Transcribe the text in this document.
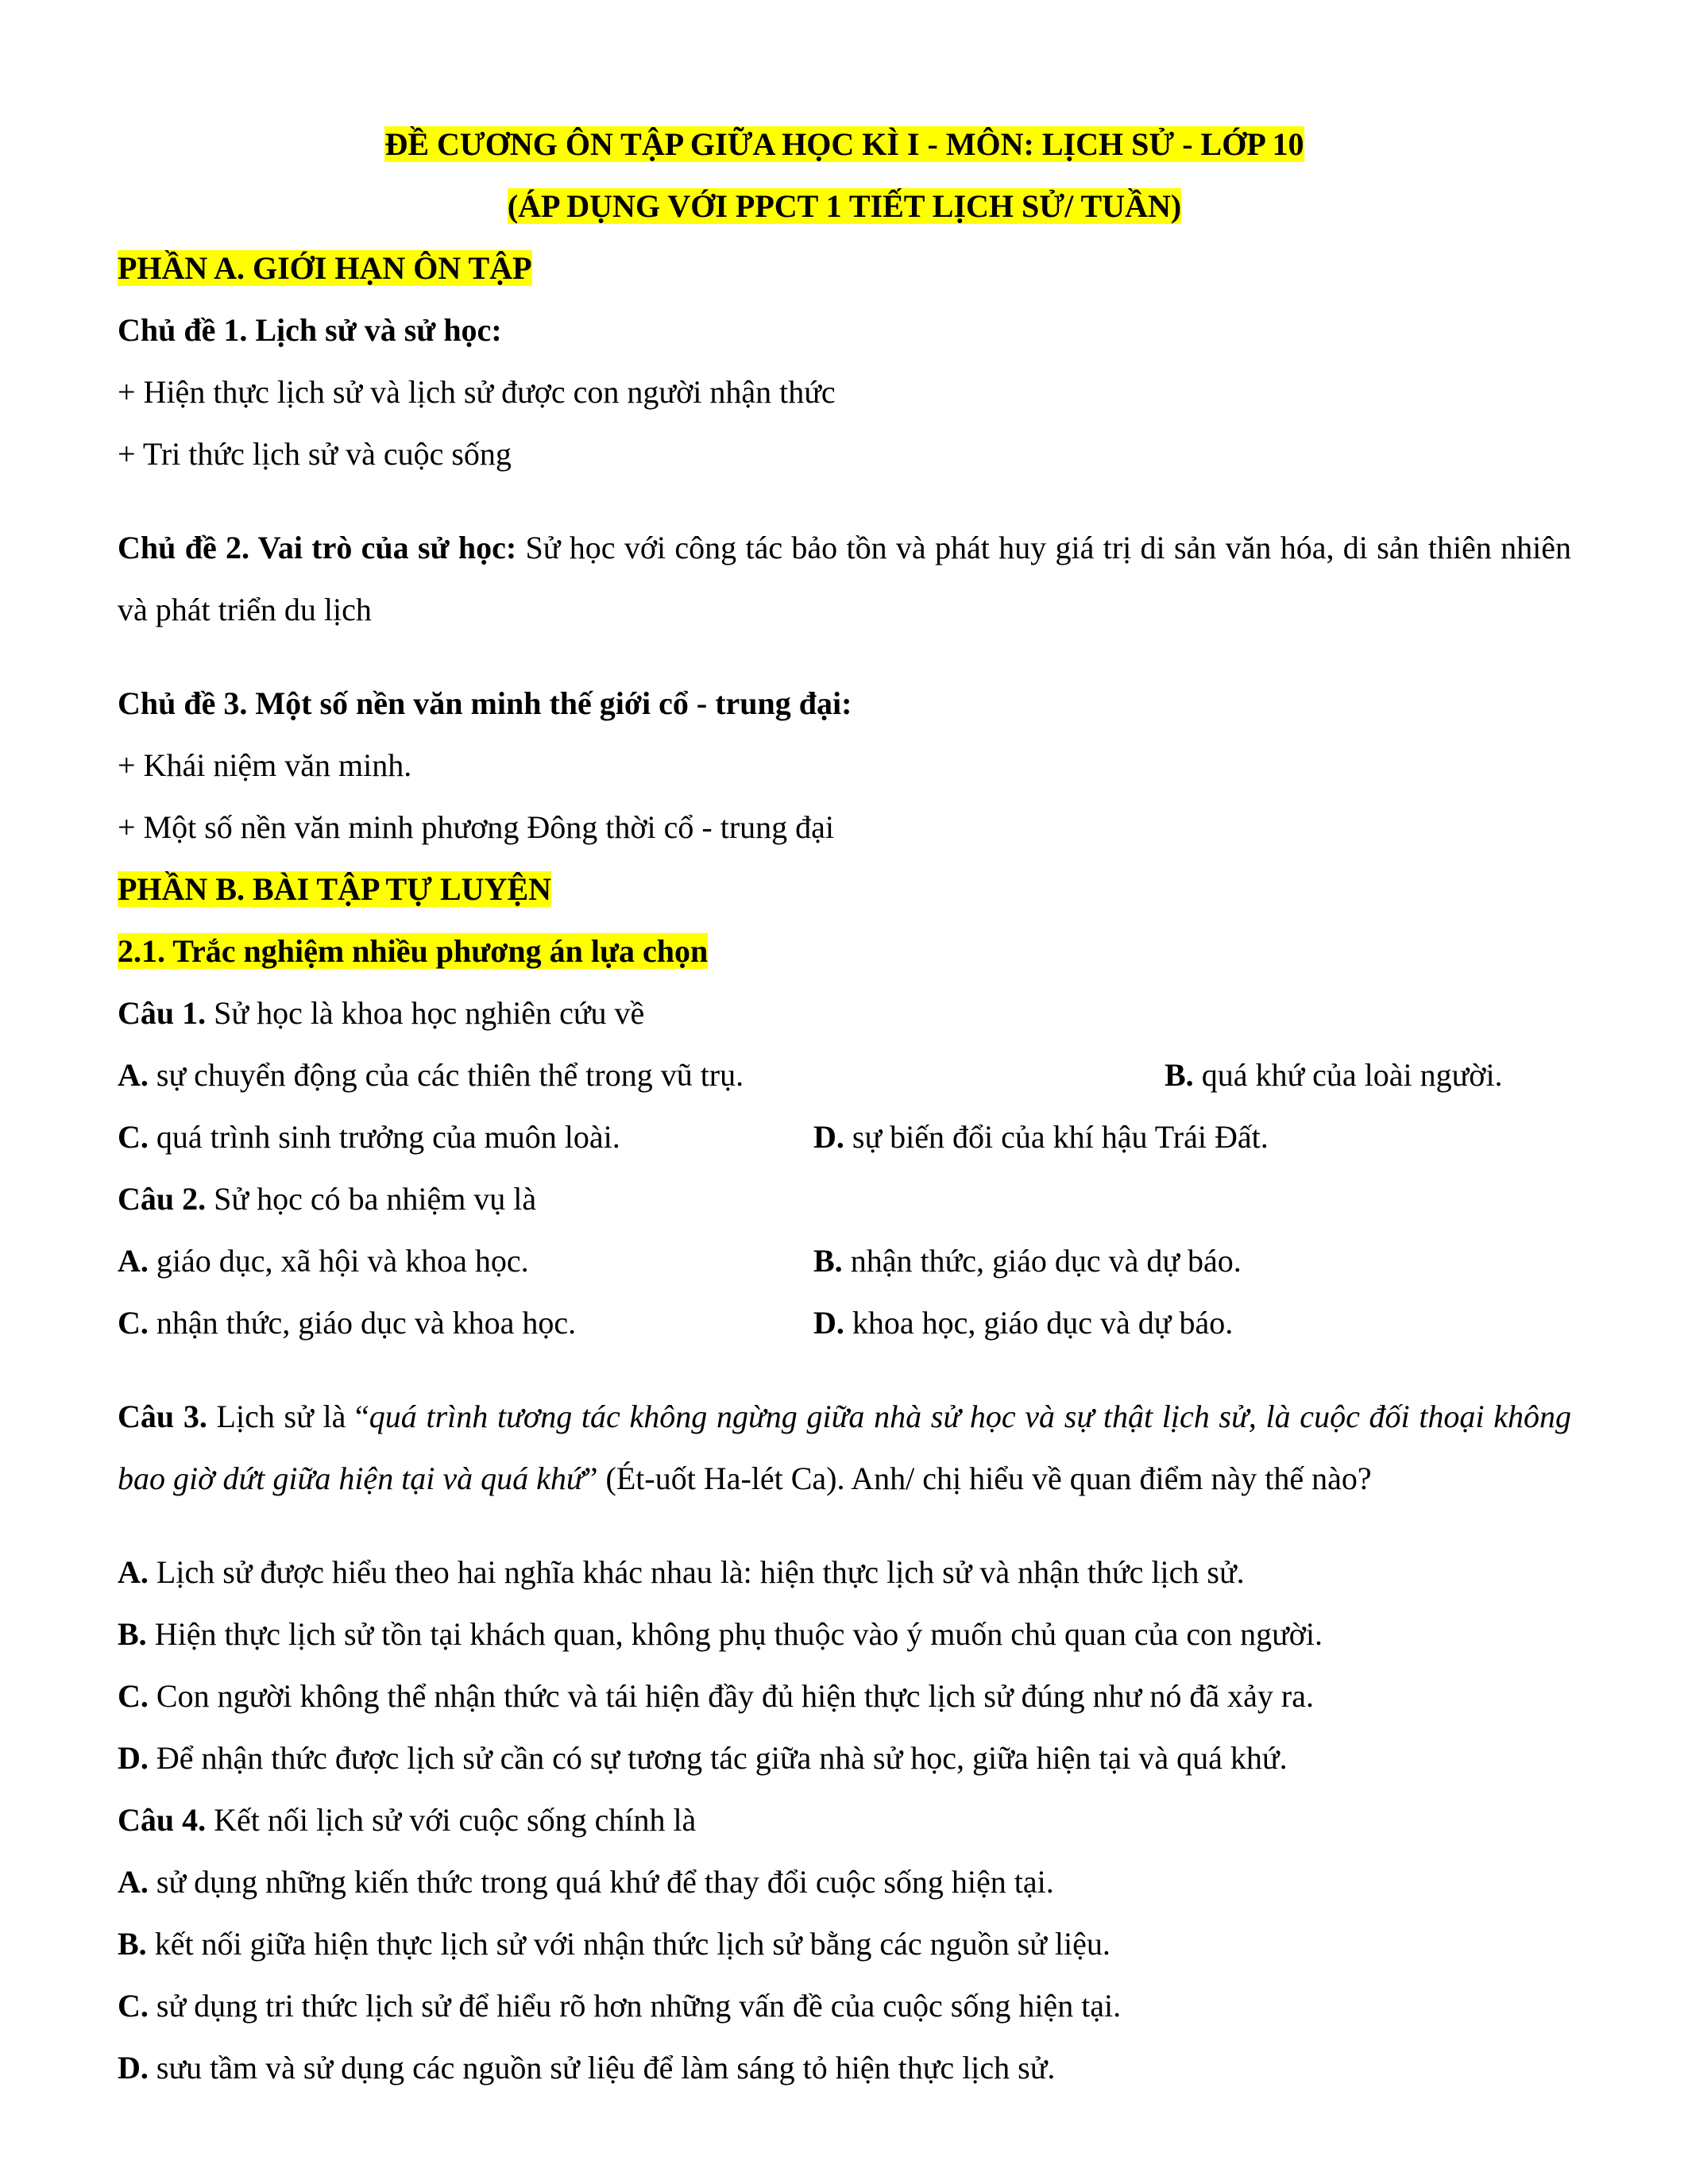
ĐỀ CƯƠNG ÔN TẬP GIỮA HỌC KÌ I - MÔN: LỊCH SỬ - LỚP 10

(ÁP DỤNG VỚI PPCT 1 TIẾT LỊCH SỬ/ TUẦN)

PHẦN A. GIỚI HẠN ÔN TẬP

Chủ đề 1. Lịch sử và sử học:

+ Hiện thực lịch sử và lịch sử được con người nhận thức

+ Tri thức lịch sử và cuộc sống

Chủ đề 2. Vai trò của sử học: Sử học với công tác bảo tồn và phát huy giá trị di sản văn hóa, di sản thiên nhiên và phát triển du lịch

Chủ đề 3. Một số nền văn minh thế giới cổ - trung đại:

+ Khái niệm văn minh.

+ Một số nền văn minh phương Đông thời cổ - trung đại

PHẦN B. BÀI TẬP TỰ LUYỆN

2.1. Trắc nghiệm nhiều phương án lựa chọn

Câu 1. Sử học là khoa học nghiên cứu về

A. sự chuyển động của các thiên thể trong vũ trụ.	B. quá khứ của loài người.
C. quá trình sinh trưởng của muôn loài.	D. sự biến đổi của khí hậu Trái Đất.

Câu 2. Sử học có ba nhiệm vụ là

A. giáo dục, xã hội và khoa học.	B. nhận thức, giáo dục và dự báo.
C. nhận thức, giáo dục và khoa học.	D. khoa học, giáo dục và dự báo.

Câu 3. Lịch sử là “quá trình tương tác không ngừng giữa nhà sử học và sự thật lịch sử, là cuộc đối thoại không bao giờ dứt giữa hiện tại và quá khứ” (Ét-uốt Ha-lét Ca). Anh/ chị hiểu về quan điểm này thế nào?

A. Lịch sử được hiểu theo hai nghĩa khác nhau là: hiện thực lịch sử và nhận thức lịch sử.

B. Hiện thực lịch sử tồn tại khách quan, không phụ thuộc vào ý muốn chủ quan của con người.

C. Con người không thể nhận thức và tái hiện đầy đủ hiện thực lịch sử đúng như nó đã xảy ra.

D. Để nhận thức được lịch sử cần có sự tương tác giữa nhà sử học, giữa hiện tại và quá khứ.

Câu 4. Kết nối lịch sử với cuộc sống chính là

A. sử dụng những kiến thức trong quá khứ để thay đổi cuộc sống hiện tại.

B. kết nối giữa hiện thực lịch sử với nhận thức lịch sử bằng các nguồn sử liệu.

C. sử dụng tri thức lịch sử để hiểu rõ hơn những vấn đề của cuộc sống hiện tại.

D. sưu tầm và sử dụng các nguồn sử liệu để làm sáng tỏ hiện thực lịch sử.
